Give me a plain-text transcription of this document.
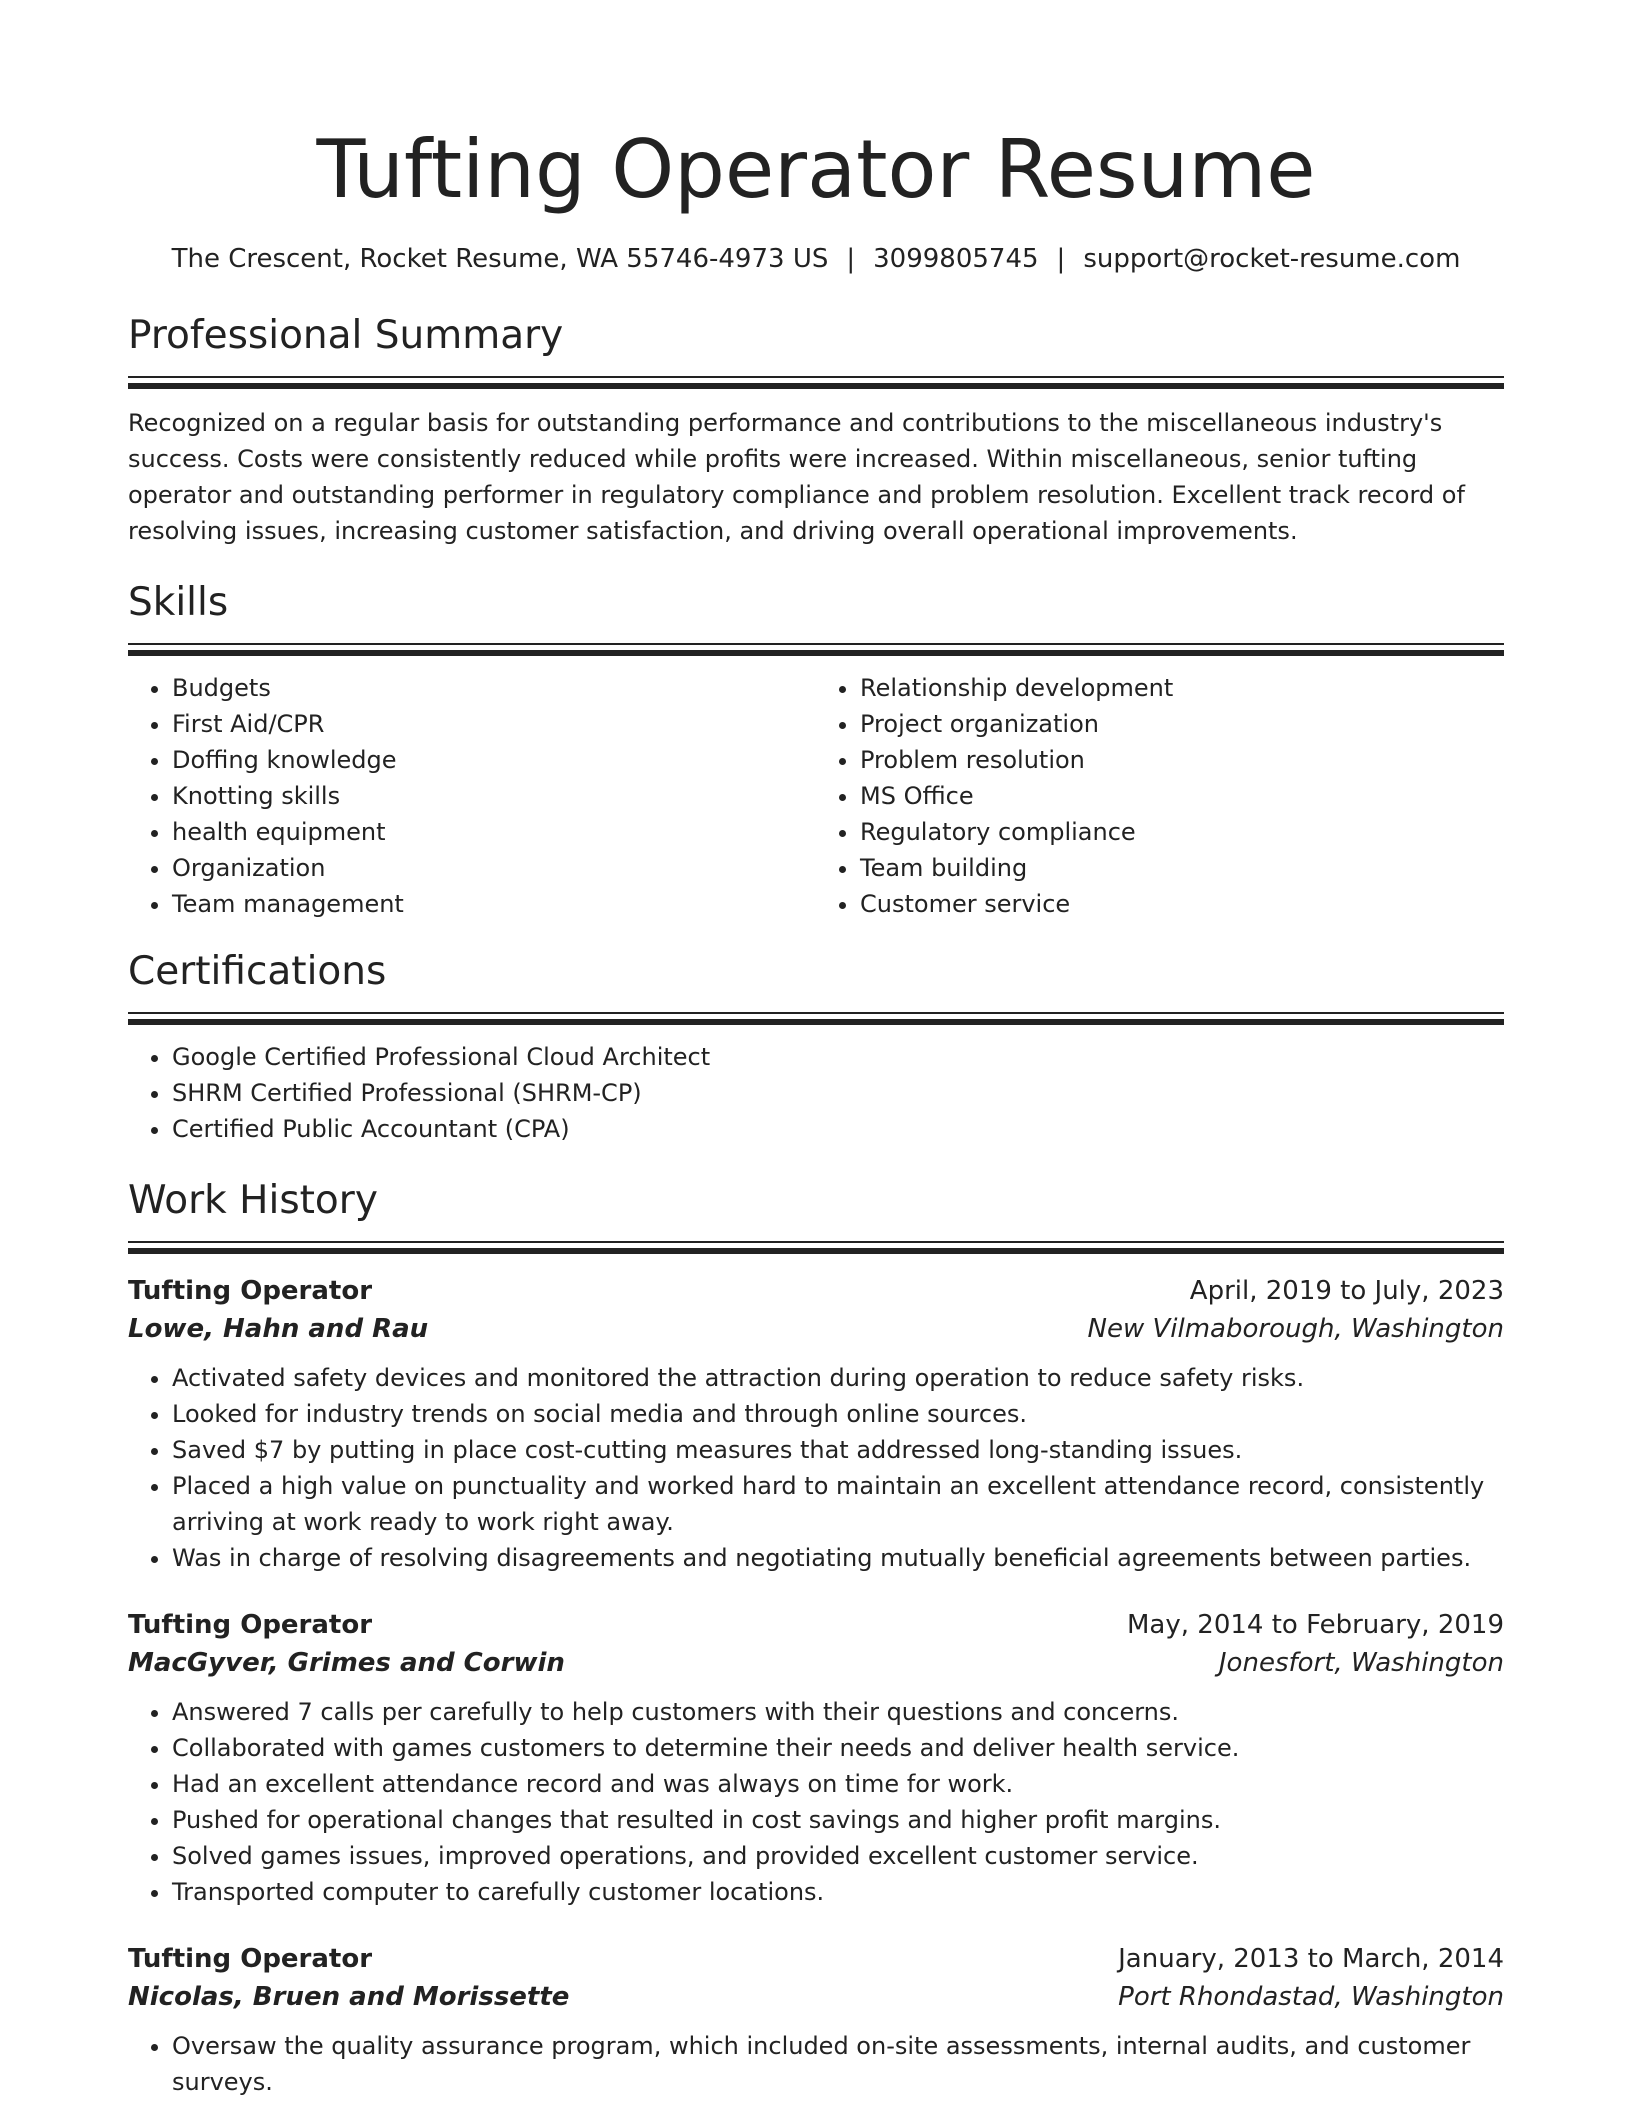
Tufting Operator Resume
The Crescent, Rocket Resume, WA 55746-4973 US | 3099805745 | support@rocket-resume.com
Professional Summary

Recognized on a regular basis for outstanding performance and contributions to the miscellaneous industry's success. Costs were consistently reduced while profits were increased. Within miscellaneous, senior tufting operator and outstanding performer in regulatory compliance and problem resolution. Excellent track record of resolving issues, increasing customer satisfaction, and driving overall operational improvements.

Skills
• Budgets
• First Aid/CPR
• Doffing knowledge
• Knotting skills
• health equipment
• Organization
• Team management
• Relationship development
• Project organization
• Problem resolution
• MS Office
• Regulatory compliance
• Team building
• Customer service
Certifications
• Google Certified Professional Cloud Architect
• SHRM Certified Professional (SHRM-CP)
• Certified Public Accountant (CPA)
Work History
Tufting Operator	April, 2019 to July, 2023
Lowe, Hahn and Rau	New Vilmaborough, Washington
• Activated safety devices and monitored the attraction during operation to reduce safety risks.
• Looked for industry trends on social media and through online sources.
• Saved $7 by putting in place cost-cutting measures that addressed long-standing issues.
• Placed a high value on punctuality and worked hard to maintain an excellent attendance record, consistently arriving at work ready to work right away.
• Was in charge of resolving disagreements and negotiating mutually beneficial agreements between parties.
Tufting Operator	May, 2014 to February, 2019
MacGyver, Grimes and Corwin	Jonesfort, Washington
• Answered 7 calls per carefully to help customers with their questions and concerns.
• Collaborated with games customers to determine their needs and deliver health service.
• Had an excellent attendance record and was always on time for work.
• Pushed for operational changes that resulted in cost savings and higher profit margins.
• Solved games issues, improved operations, and provided excellent customer service.
• Transported computer to carefully customer locations.
Tufting Operator	January, 2013 to March, 2014
Nicolas, Bruen and Morissette	Port Rhondastad, Washington
• Oversaw the quality assurance program, which included on-site assessments, internal audits, and customer surveys.
